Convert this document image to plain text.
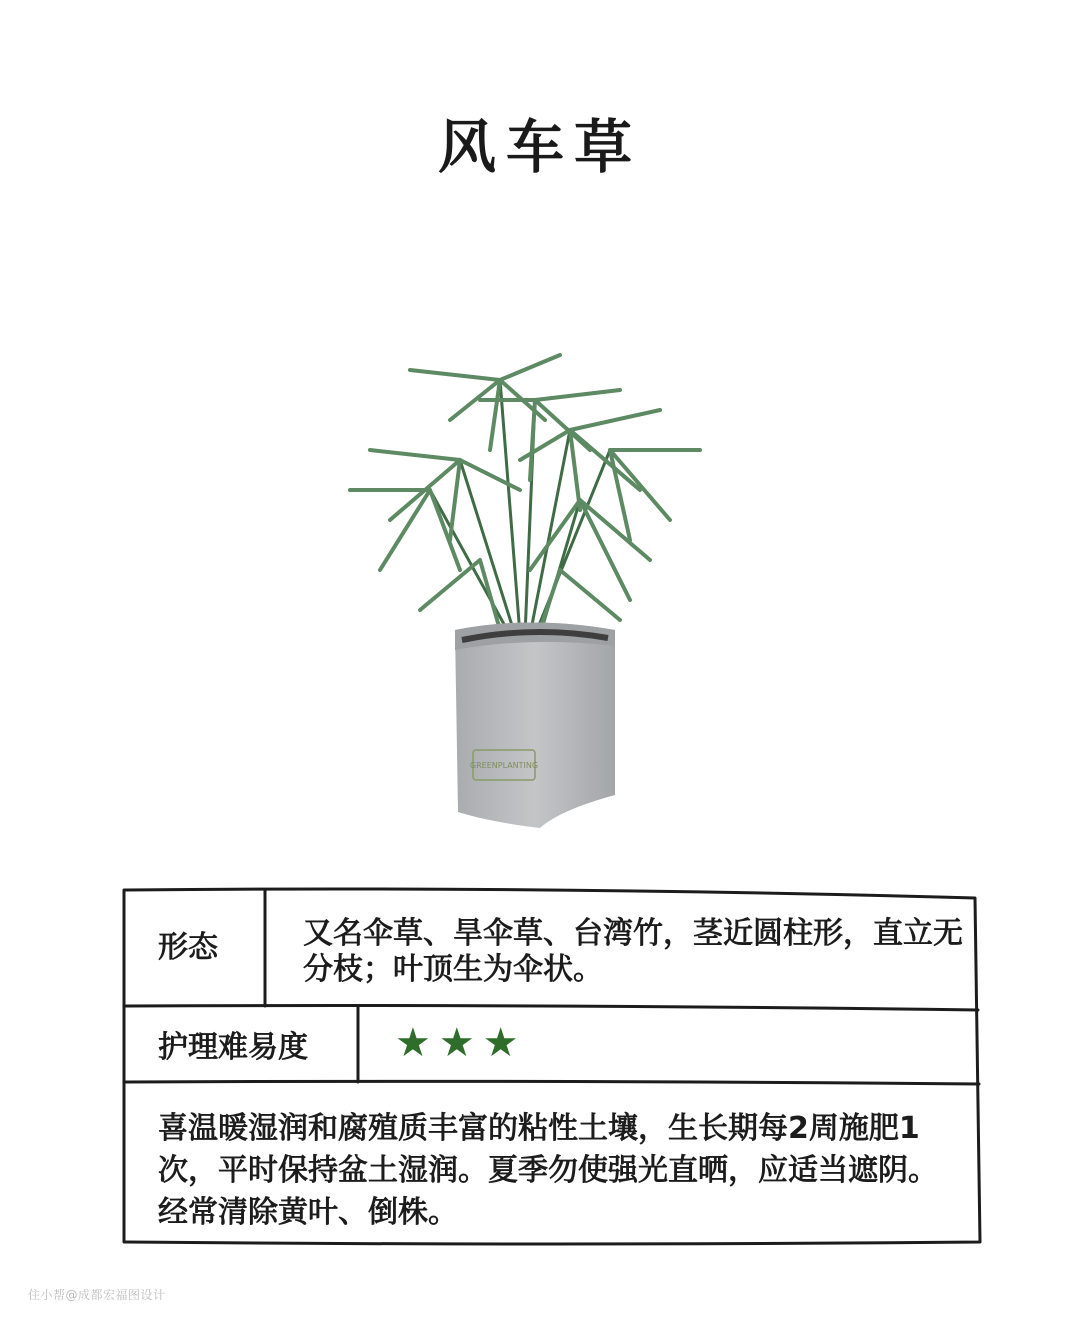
风车草
GREENPLANTING
形态	又名伞草、旱伞草、台湾竹，茎近圆柱形，直立无分枝；叶顶生为伞状。
护理难易度 ★★★
喜温暖湿润和腐殖质丰富的粘性土壤，生长期每2周施肥1次，平时保持盆土湿润。夏季勿使强光直晒，应适当遮阴。经常清除黄叶、倒株。
住小帮@成都宏福图设计
